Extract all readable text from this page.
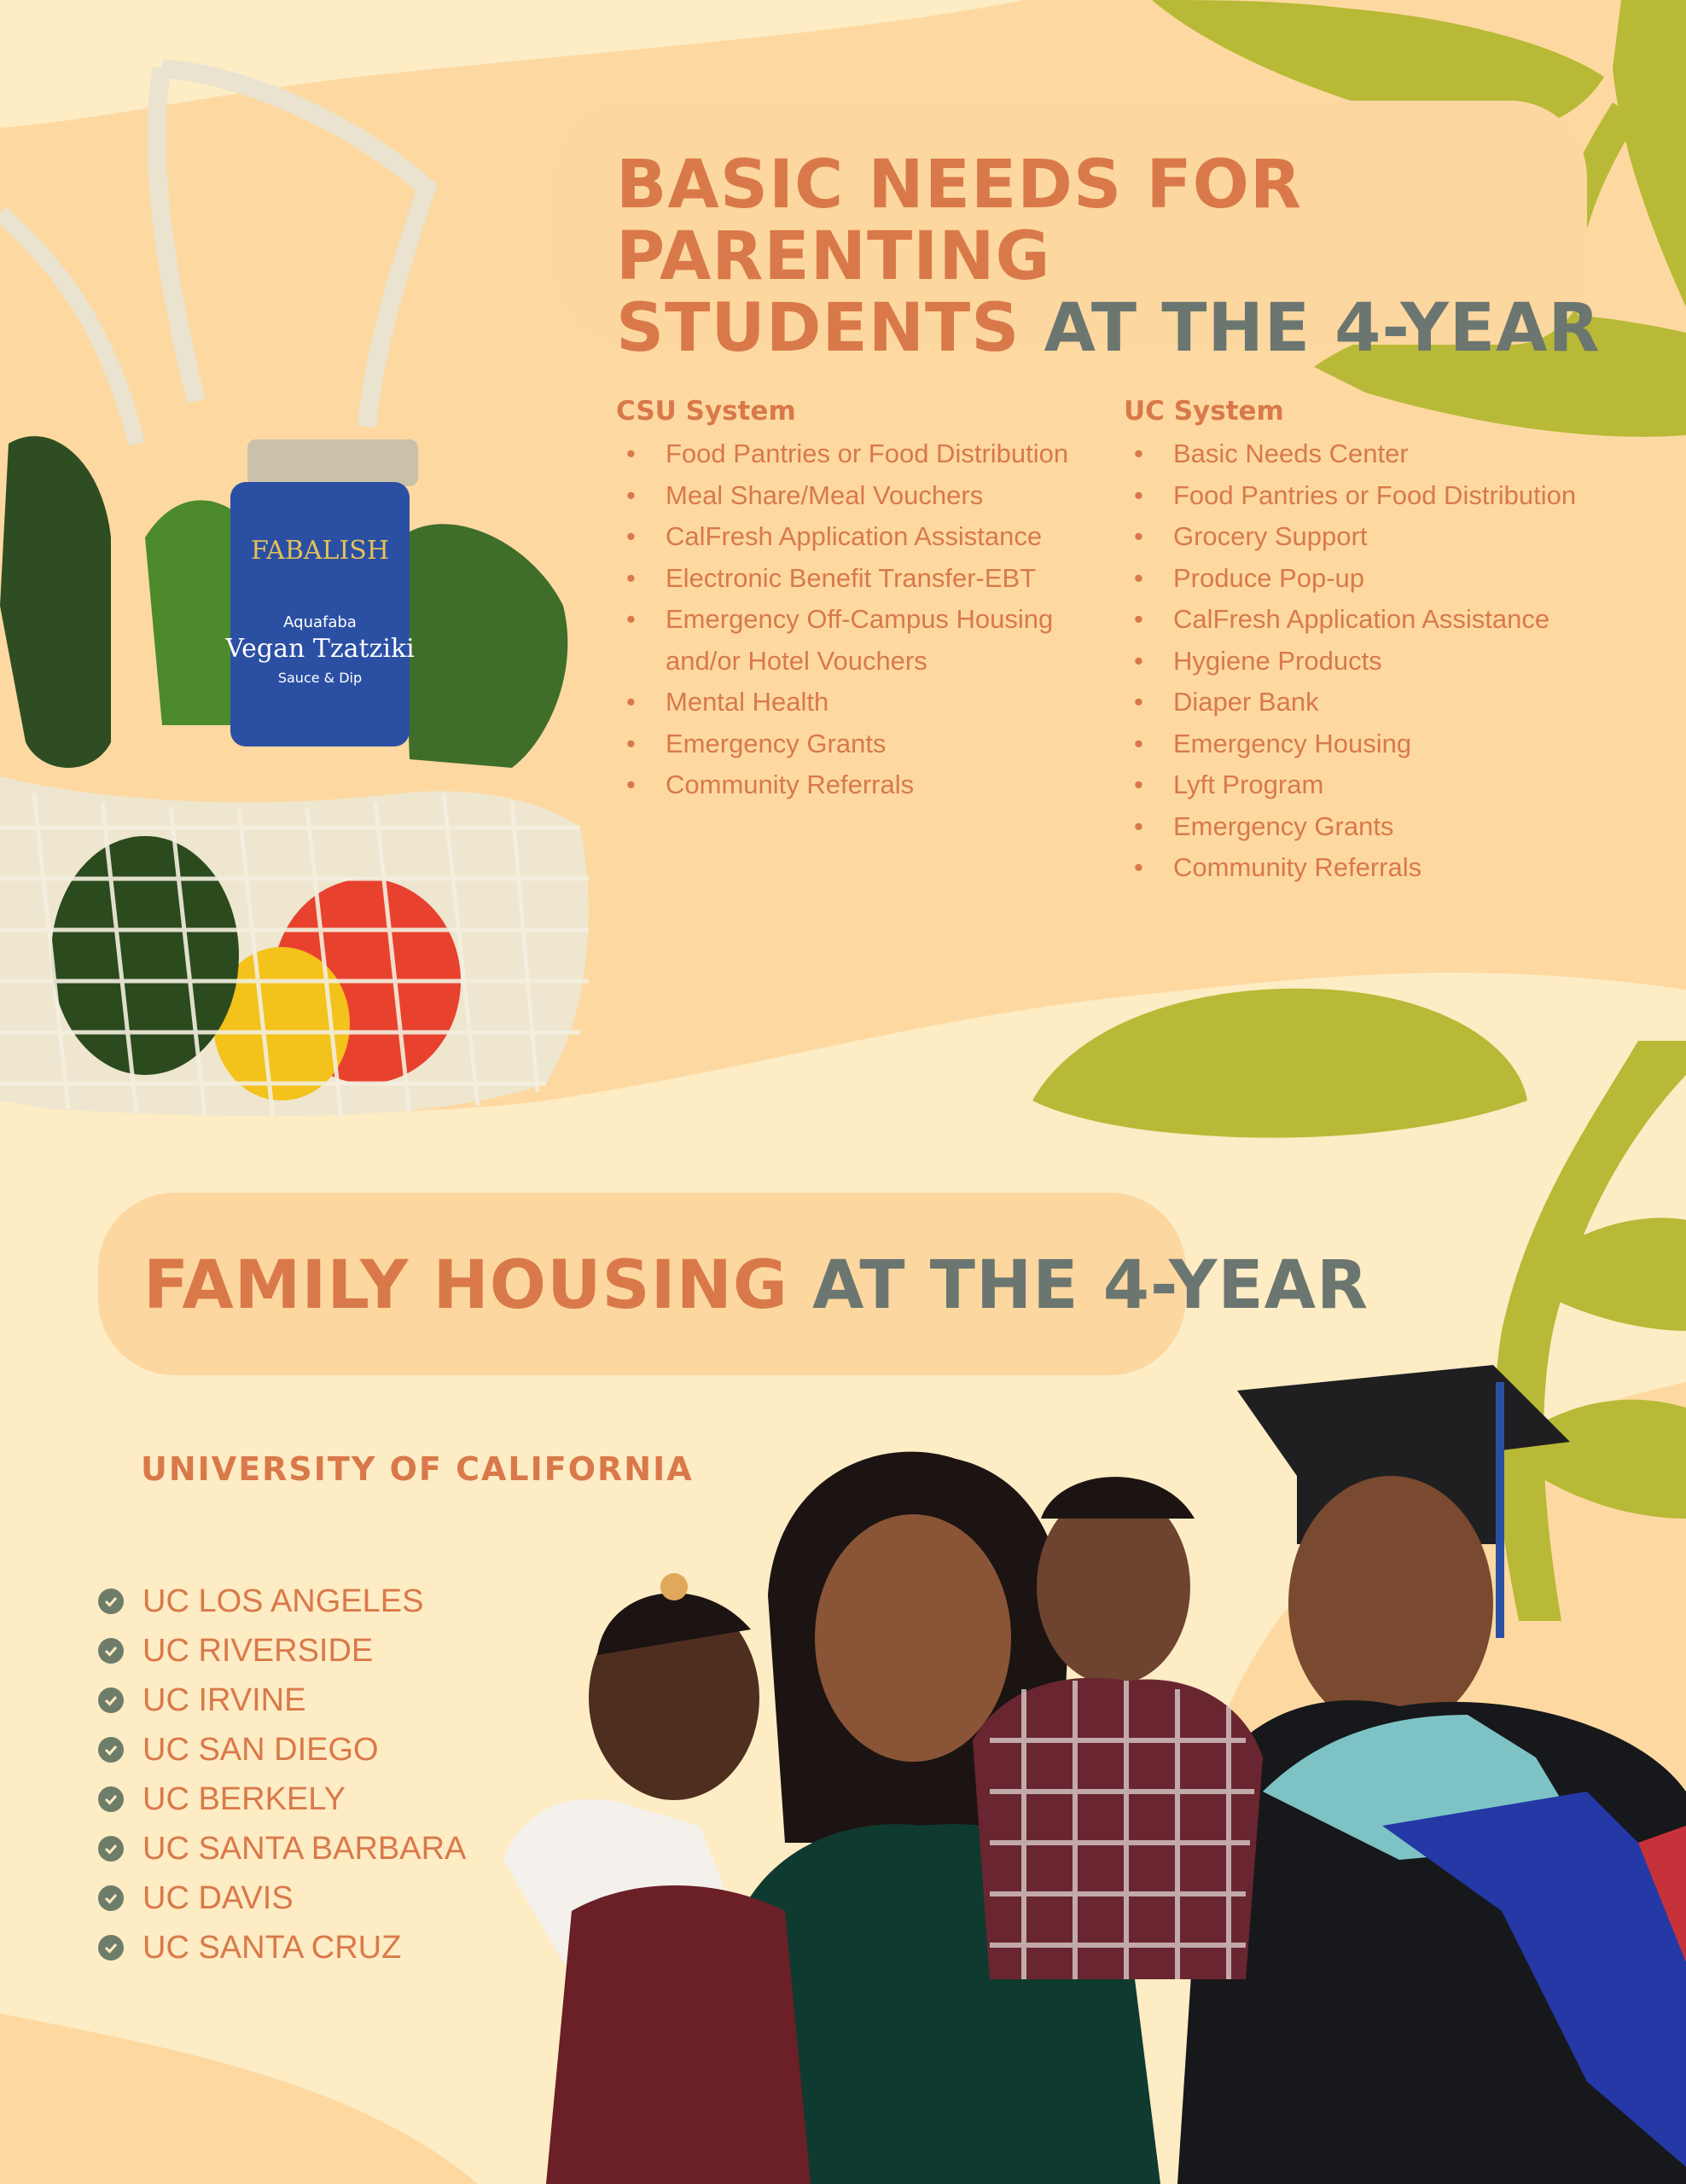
FABALISH
Aquafaba
Vegan Tzatziki
Sauce & Dip
BASIC NEEDS FOR PARENTING
STUDENTS AT THE 4-YEAR
CSU System
• Food Pantries or Food Distribution
• Meal Share/Meal Vouchers
• CalFresh Application Assistance
• Electronic Benefit Transfer-EBT
• Emergency Off-Campus Housing and/or Hotel Vouchers
• Mental Health
• Emergency Grants
• Community Referrals
UC System
• Basic Needs Center
• Food Pantries or Food Distribution
• Grocery Support
• Produce Pop-up
• CalFresh Application Assistance
• Hygiene Products
• Diaper Bank
• Emergency Housing
• Lyft Program
• Emergency Grants
• Community Referrals
FAMILY HOUSING AT THE 4-YEAR
UNIVERSITY OF CALIFORNIA
UC LOS ANGELES
UC RIVERSIDE
UC IRVINE
UC SAN DIEGO
UC BERKELY
UC SANTA BARBARA
UC DAVIS
UC SANTA CRUZ
